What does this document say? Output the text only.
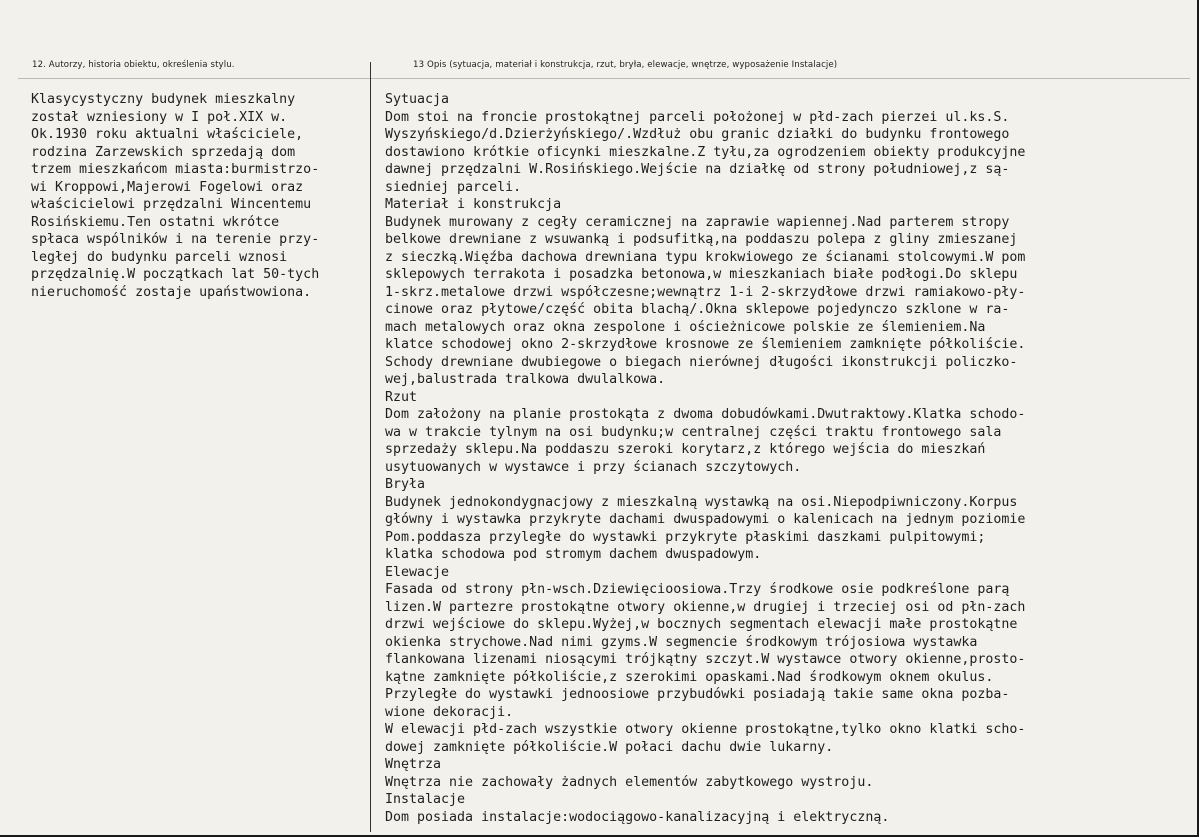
12. Autorzy, historia obiektu, określenia stylu.	13 Opis (sytuacja, materiał i konstrukcja, rzut, bryła, elewacje, wnętrze, wyposażenie Instalacje)
Klasycystyczny budynek mieszkalny
został wzniesiony w I poł.XIX w.
Ok.1930 roku aktualni właściciele,
rodzina Zarzewskich sprzedają dom
trzem mieszkańcom miasta:burmistrzo-
wi Kroppowi,Majerowi Fogelowi oraz
właścicielowi przędzalni Wincentemu
Rosińskiemu.Ten ostatni wkrótce
spłaca wspólników i na terenie przy-
ległej do budynku parceli wznosi
przędzalnię.W początkach lat 50-tych
nieruchomość zostaje upaństwowiona.
Sytuacja
Dom stoi na froncie prostokątnej parceli położonej w płd-zach pierzei ul.ks.S.
Wyszyńskiego/d.Dzierżyńskiego/.Wzdłuż obu granic działki do budynku frontowego
dostawiono krótkie oficynki mieszkalne.Z tyłu,za ogrodzeniem obiekty produkcyjne
dawnej przędzalni W.Rosińskiego.Wejście na działkę od strony południowej,z są-
siedniej parceli.
Materiał i konstrukcja
Budynek murowany z cegły ceramicznej na zaprawie wapiennej.Nad parterem stropy
belkowe drewniane z wsuwanką i podsufitką,na poddaszu polepa z gliny zmieszanej
z sieczką.Więźba dachowa drewniana typu krokwiowego ze ścianami stolcowymi.W pom
sklepowych terrakota i posadzka betonowa,w mieszkaniach białe podłogi.Do sklepu
1-skrz.metalowe drzwi współczesne;wewnątrz 1-i 2-skrzydłowe drzwi ramiakowo-pły-
cinowe oraz płytowe/część obita blachą/.Okna sklepowe pojedynczo szklone w ra-
mach metalowych oraz okna zespolone i ościeżnicowe polskie ze ślemieniem.Na
klatce schodowej okno 2-skrzydłowe krosnowe ze ślemieniem zamknięte półkoliście.
Schody drewniane dwubiegowe o biegach nierównej długości ikonstrukcji policzko-
wej,balustrada tralkowa dwulalkowa.
Rzut
Dom założony na planie prostokąta z dwoma dobudówkami.Dwutraktowy.Klatka schodo-
wa w trakcie tylnym na osi budynku;w centralnej części traktu frontowego sala
sprzedaży sklepu.Na poddaszu szeroki korytarz,z którego wejścia do mieszkań
usytuowanych w wystawce i przy ścianach szczytowych.
Bryła
Budynek jednokondygnacjowy z mieszkalną wystawką na osi.Niepodpiwniczony.Korpus
główny i wystawka przykryte dachami dwuspadowymi o kalenicach na jednym poziomie
Pom.poddasza przyległe do wystawki przykryte płaskimi daszkami pulpitowymi;
klatka schodowa pod stromym dachem dwuspadowym.
Elewacje
Fasada od strony płn-wsch.Dziewięcioosiowa.Trzy środkowe osie podkreślone parą
lizen.W partezre prostokątne otwory okienne,w drugiej i trzeciej osi od płn-zach
drzwi wejściowe do sklepu.Wyżej,w bocznych segmentach elewacji małe prostokątne
okienka strychowe.Nad nimi gzyms.W segmencie środkowym trójosiowa wystawka
flankowana lizenami niosącymi trójkątny szczyt.W wystawce otwory okienne,prosto-
kątne zamknięte półkoliście,z szerokimi opaskami.Nad środkowym oknem okulus.
Przyległe do wystawki jednoosiowe przybudówki posiadają takie same okna pozba-
wione dekoracji.
W elewacji płd-zach wszystkie otwory okienne prostokątne,tylko okno klatki scho-
dowej zamknięte półkoliście.W połaci dachu dwie lukarny.
Wnętrza
Wnętrza nie zachowały żadnych elementów zabytkowego wystroju.
Instalacje
Dom posiada instalacje:wodociągowo-kanalizacyjną i elektryczną.
